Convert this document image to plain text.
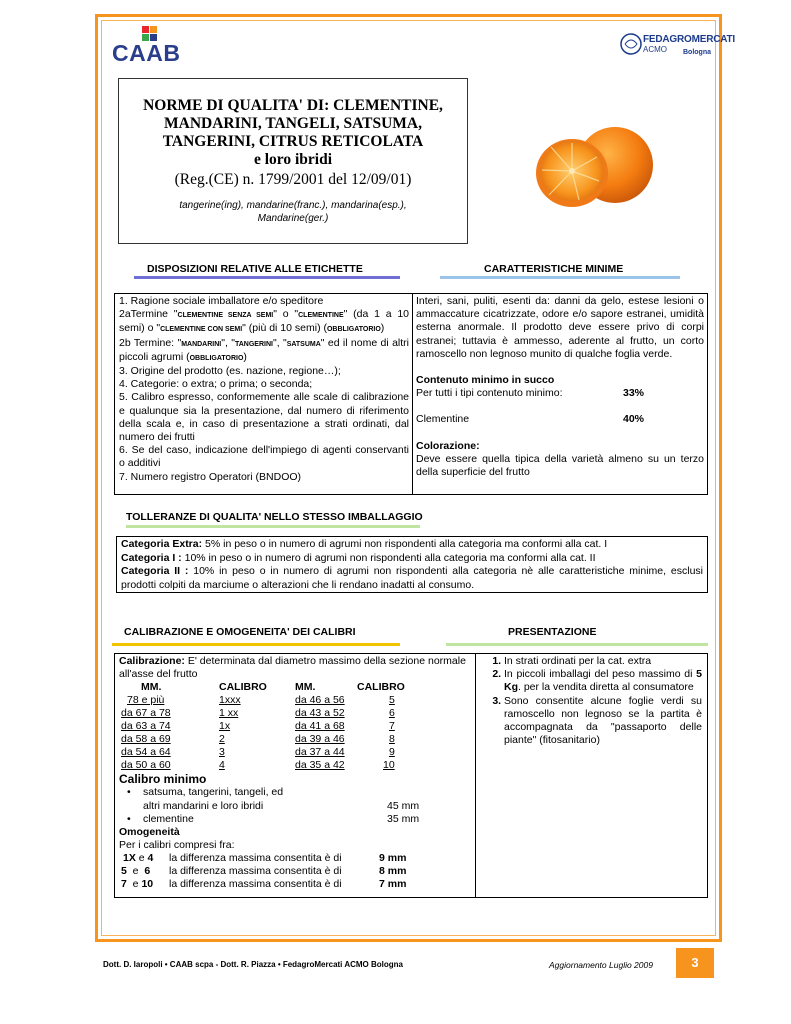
CAAB
FEDAGROMERCATI
ACMO Bologna
NORME DI QUALITA' DI: CLEMENTINE,
MANDARINI, TANGELI, SATSUMA,
TANGERINI, CITRUS RETICOLATA
e loro ibridi
(Reg.(CE) n. 1799/2001 del 12/09/01)
tangerine(ing), mandarine(franc.), mandarina(esp.),
Mandarine(ger.)
DISPOSIZIONI RELATIVE ALLE ETICHETTE	CARATTERISTICHE MINIME
1. Ragione sociale imballatore e/o speditore
2aTermine "CLEMENTINE SENZA SEMI" o "CLEMENTINE" (da 1 a 10 semi) o "CLEMENTINE CON SEMI" (più di 10 semi) (OBBLIGATORIO)
2b Termine: "MANDARINI", "TANGERINI", "SATSUMA" ed il nome di altri piccoli agrumi (OBBLIGATORIO)
3. Origine del prodotto (es. nazione, regione…);
4. Categorie: o extra; o prima; o seconda;
5. Calibro espresso, conformemente alle scale di calibrazione e qualunque sia la presentazione, dal numero di riferimento della scala e, in caso di presentazione a strati ordinati, dal numero dei frutti
6. Se del caso, indicazione dell'impiego di agenti conservanti o additivi
7. Numero registro Operatori (BNDOO)
Interi, sani, puliti, esenti da: danni da gelo, estese lesioni o ammaccature cicatrizzate, odore e/o sapore estranei, umidità esterna anormale. Il prodotto deve essere privo di corpi estranei; tuttavia è ammesso, aderente al frutto, un corto ramoscello non legnoso munito di qualche foglia verde.
Contenuto minimo in succo
Per tutti i tipi contenuto minimo:	33%
Clementine	40%
Colorazione:
Deve essere quella tipica della varietà almeno su un terzo della superficie del frutto
TOLLERANZE DI QUALITA' NELLO STESSO IMBALLAGGIO
Categoria Extra: 5% in peso o in numero di agrumi non rispondenti alla categoria ma conformi alla cat. I
Categoria I : 10% in peso o in numero di agrumi non rispondenti alla categoria ma conformi alla cat. II
Categoria II : 10% in peso o in numero di agrumi non rispondenti alla categoria nè alle caratteristiche minime, esclusi prodotti colpiti da marciume o alterazioni che li rendano inadatti al consumo.
CALIBRAZIONE E OMOGENEITA' DEI CALIBRI	PRESENTAZIONE
Calibrazione: E' determinata dal diametro massimo della sezione normale all'asse del frutto
MM.	CALIBRO	MM.	CALIBRO
78 e più	1xxx	da 46 a 56	5
da 67 a 78	1 xx	da 43 a 52	6
da 63 a 74	1x	da 41 a 68	7
da 58 a 69	2	da 39 a 46	8
da 54 a 64	3	da 37 a 44	9
da 50 a 60	4	da 35 a 42	10
Calibro minimo
• satsuma, tangerini, tangeli, ed
altri mandarini e loro ibridi	45 mm
• clementine	35 mm
Omogeneità
Per i calibri compresi fra:
1X e 4 la differenza massima consentita è di	9 mm
5  e  6 la differenza massima consentita è di	8 mm
7  e 10 la differenza massima consentita è di	7 mm
1. In strati ordinati per la cat. extra
2. In piccoli imballagi del peso massimo di 5 Kg. per la vendita diretta al consumatore
3. Sono consentite alcune foglie verdi su ramoscello non legnoso se la partita è accompagnata da "passaporto delle piante" (fitosanitario)
Dott. D. Iaropoli • CAAB scpa - Dott. R. Piazza • FedagroMercati ACMO Bologna	Aggiornamento Luglio 2009	3
